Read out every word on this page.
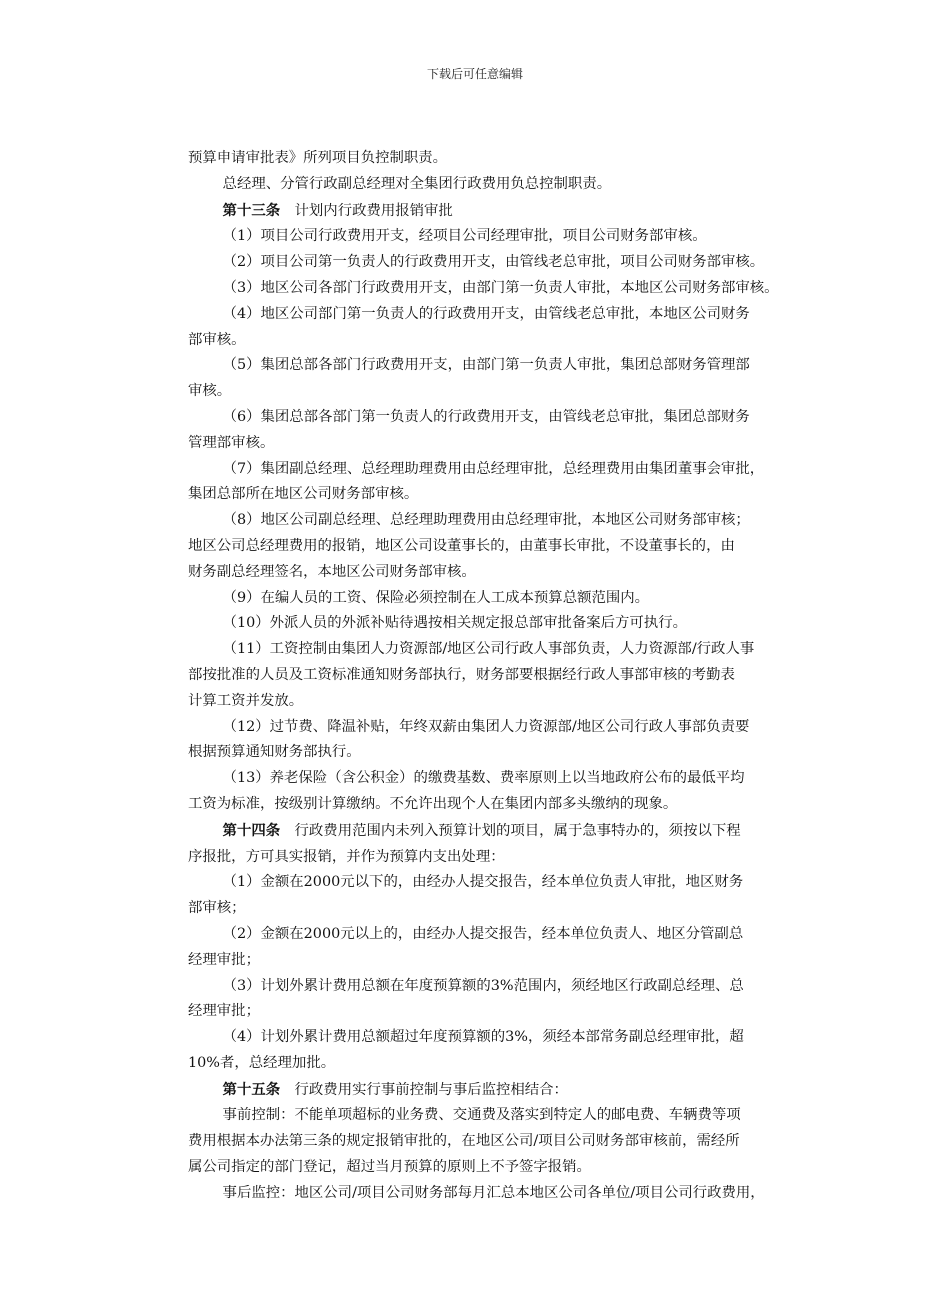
下载后可任意编辑

预算申请审批表》所列项目负控制职责。

总经理、分管行政副总经理对全集团行政费用负总控制职责。

第十三条 计划内行政费用报销审批

（1）项目公司行政费用开支，经项目公司经理审批，项目公司财务部审核。

（2）项目公司第一负责人的行政费用开支，由管线老总审批，项目公司财务部审核。

（3）地区公司各部门行政费用开支，由部门第一负责人审批，本地区公司财务部审核。

（4）地区公司部门第一负责人的行政费用开支，由管线老总审批，本地区公司财务

部审核。

（5）集团总部各部门行政费用开支，由部门第一负责人审批，集团总部财务管理部

审核。

（6）集团总部各部门第一负责人的行政费用开支，由管线老总审批，集团总部财务

管理部审核。

（7）集团副总经理、总经理助理费用由总经理审批，总经理费用由集团董事会审批，

集团总部所在地区公司财务部审核。

（8）地区公司副总经理、总经理助理费用由总经理审批，本地区公司财务部审核；

地区公司总经理费用的报销，地区公司设董事长的，由董事长审批，不设董事长的，由

财务副总经理签名，本地区公司财务部审核。

（9）在编人员的工资、保险必须控制在人工成本预算总额范围内。

（10）外派人员的外派补贴待遇按相关规定报总部审批备案后方可执行。

（11）工资控制由集团人力资源部/地区公司行政人事部负责，人力资源部/行政人事

部按批准的人员及工资标准通知财务部执行，财务部要根据经行政人事部审核的考勤表

计算工资并发放。

（12）过节费、降温补贴，年终双薪由集团人力资源部/地区公司行政人事部负责要

根据预算通知财务部执行。

（13）养老保险（含公积金）的缴费基数、费率原则上以当地政府公布的最低平均

工资为标准，按级别计算缴纳。不允许出现个人在集团内部多头缴纳的现象。

第十四条 行政费用范围内未列入预算计划的项目，属于急事特办的，须按以下程

序报批，方可具实报销，并作为预算内支出处理：

（1）金额在2000元以下的，由经办人提交报告，经本单位负责人审批，地区财务

部审核；

（2）金额在2000元以上的，由经办人提交报告，经本单位负责人、地区分管副总

经理审批；

（3）计划外累计费用总额在年度预算额的3%范围内，须经地区行政副总经理、总

经理审批；

（4）计划外累计费用总额超过年度预算额的3%，须经本部常务副总经理审批，超

10%者，总经理加批。

第十五条 行政费用实行事前控制与事后监控相结合：

事前控制：不能单项超标的业务费、交通费及落实到特定人的邮电费、车辆费等项

费用根据本办法第三条的规定报销审批的，在地区公司/项目公司财务部审核前，需经所

属公司指定的部门登记，超过当月预算的原则上不予签字报销。

事后监控：地区公司/项目公司财务部每月汇总本地区公司各单位/项目公司行政费用，
